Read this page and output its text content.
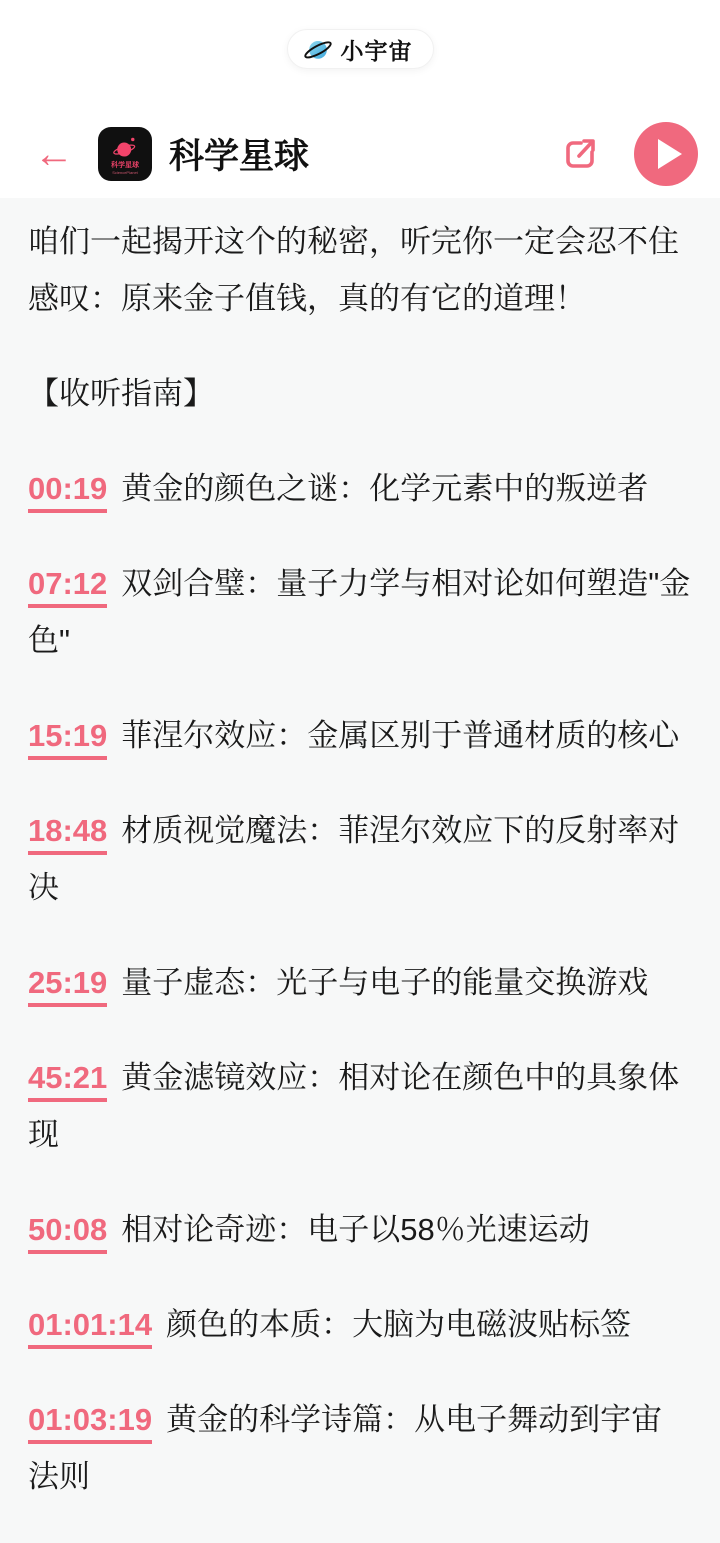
小宇宙
←	科学星球
SciencePlanet 科学星球

咱们一起揭开这个的秘密，听完你一定会忍不住感叹：原来金子值钱，真的有它的道理！

【收听指南】

00:19 黄金的颜色之谜：化学元素中的叛逆者

07:12 双剑合璧：量子力学与相对论如何塑造"金色"

15:19 菲涅尔效应：金属区别于普通材质的核心

18:48 材质视觉魔法：菲涅尔效应下的反射率对决

25:19 量子虚态：光子与电子的能量交换游戏

45:21 黄金滤镜效应：相对论在颜色中的具象体现

50:08 相对论奇迹：电子以58％光速运动

01:01:14 颜色的本质：大脑为电磁波贴标签

01:03:19 黄金的科学诗篇：从电子舞动到宇宙法则
